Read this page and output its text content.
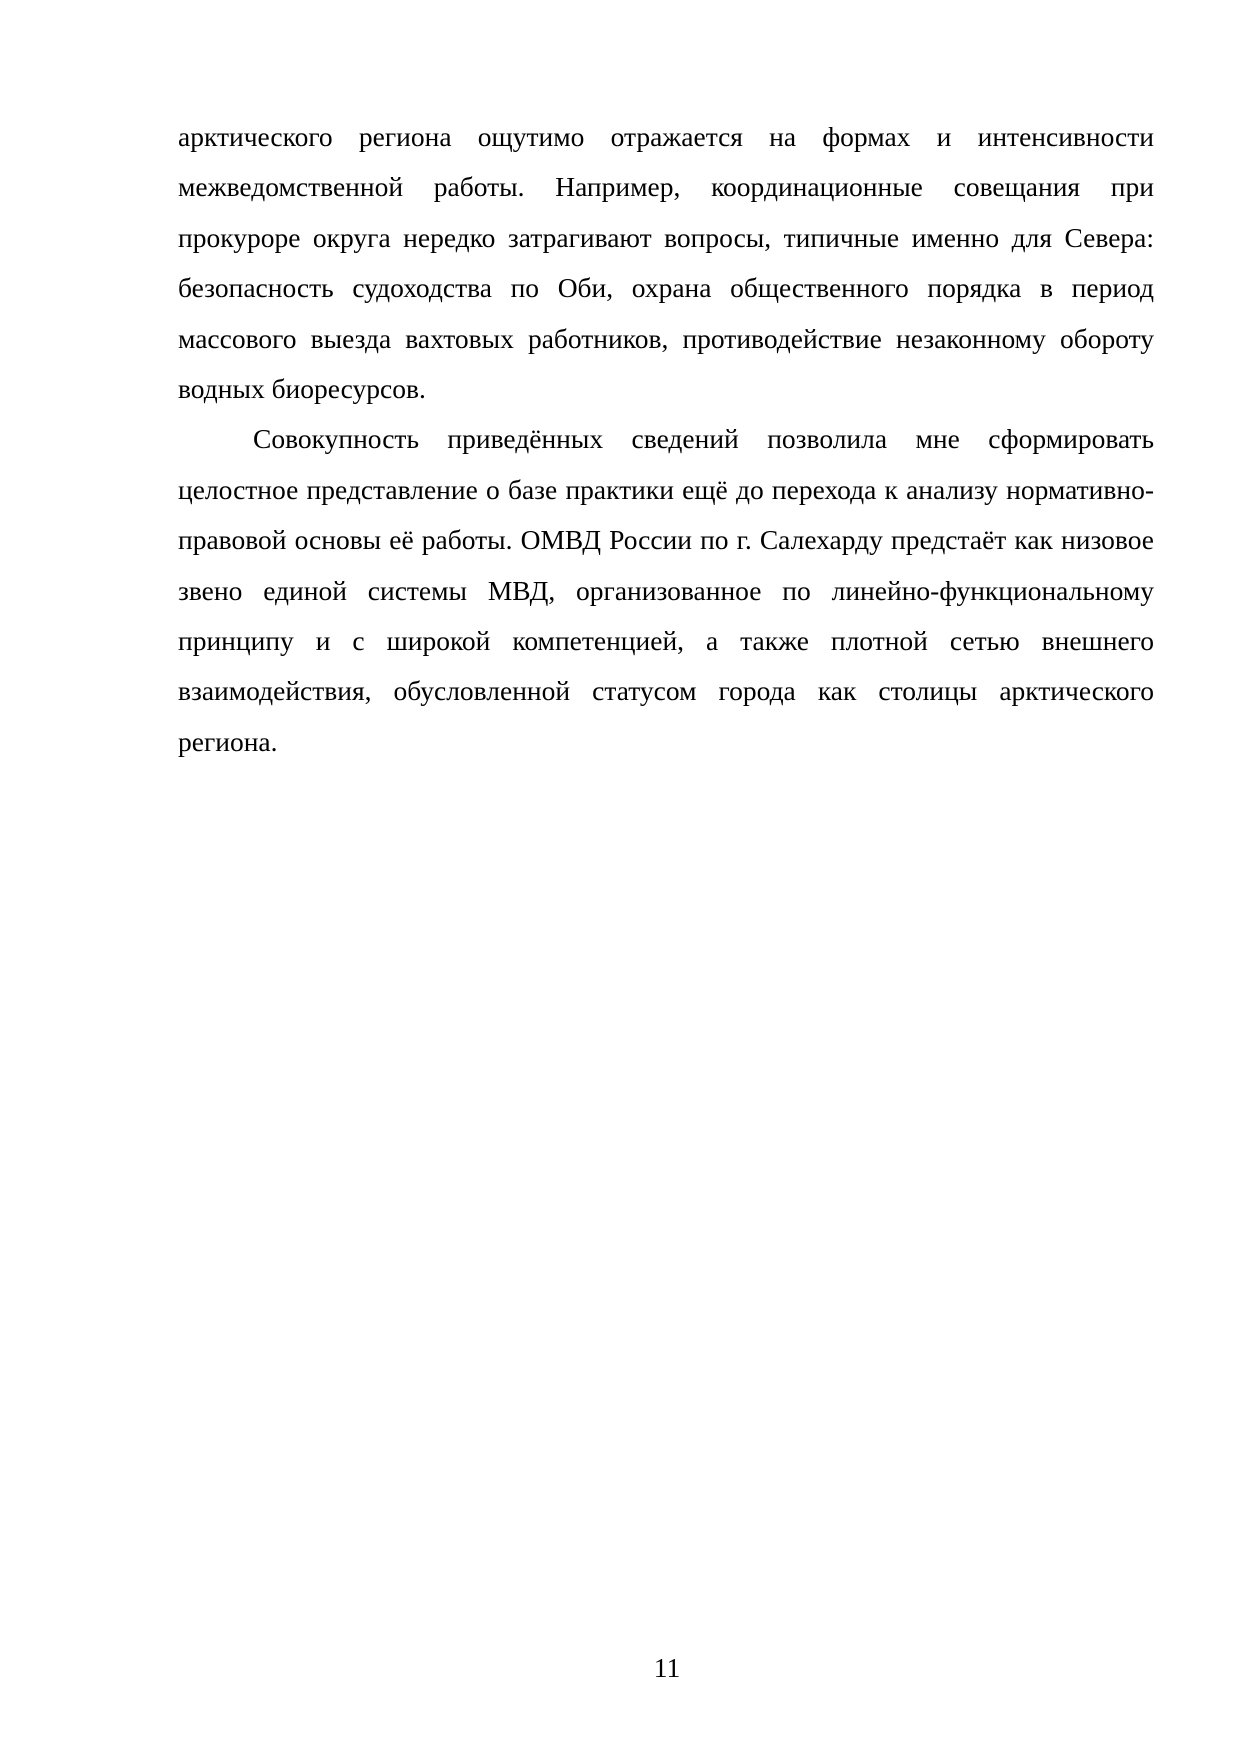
арктического региона ощутимо отражается на формах и интенсивности межведомственной работы. Например, координационные совещания при прокуроре округа нередко затрагивают вопросы, типичные именно для Севера: безопасность судоходства по Оби, охрана общественного порядка в период массового выезда вахтовых работников, противодействие незаконному обороту водных биоресурсов.

Совокупность приведённых сведений позволила мне сформировать целостное представление о базе практики ещё до перехода к анализу нормативно-правовой основы её работы. ОМВД России по г. Салехарду предстаёт как низовое звено единой системы МВД, организованное по линейно-функциональному принципу и с широкой компетенцией, а также плотной сетью внешнего взаимодействия, обусловленной статусом города как столицы арктического региона.

11
